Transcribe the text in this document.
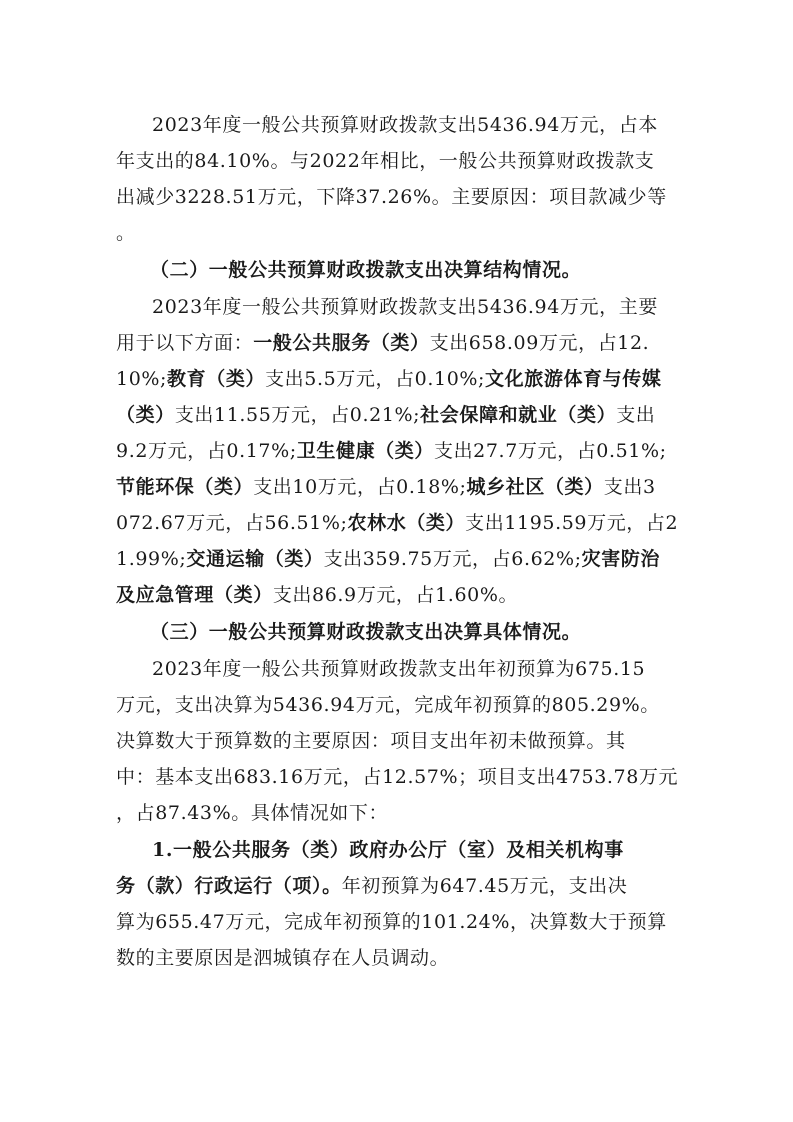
2023年度一般公共预算财政拨款支出5436.94万元，占本
年支出的84.10%。与2022年相比，一般公共预算财政拨款支
出减少3228.51万元，下降37.26%。主要原因：项目款减少等
。
（二）一般公共预算财政拨款支出决算结构情况。
2023年度一般公共预算财政拨款支出5436.94万元，主要
用于以下方面：一般公共服务（类）支出658.09万元，占12.
10%;教育（类）支出5.5万元，占0.10%;文化旅游体育与传媒
（类）支出11.55万元，占0.21%;社会保障和就业（类）支出
9.2万元，占0.17%;卫生健康（类）支出27.7万元，占0.51%;
节能环保（类）支出10万元，占0.18%;城乡社区（类）支出3
072.67万元，占56.51%;农林水（类）支出1195.59万元，占2
1.99%;交通运输（类）支出359.75万元，占6.62%;灾害防治
及应急管理（类）支出86.9万元，占1.60%。
（三）一般公共预算财政拨款支出决算具体情况。
2023年度一般公共预算财政拨款支出年初预算为675.15
万元，支出决算为5436.94万元，完成年初预算的805.29%。
决算数大于预算数的主要原因：项目支出年初未做预算。其
中：基本支出683.16万元，占12.57%；项目支出4753.78万元
，占87.43%。具体情况如下：
1.一般公共服务（类）政府办公厅（室）及相关机构事
务（款）行政运行（项）。年初预算为647.45万元，支出决
算为655.47万元，完成年初预算的101.24%，决算数大于预算
数的主要原因是泗城镇存在人员调动。
